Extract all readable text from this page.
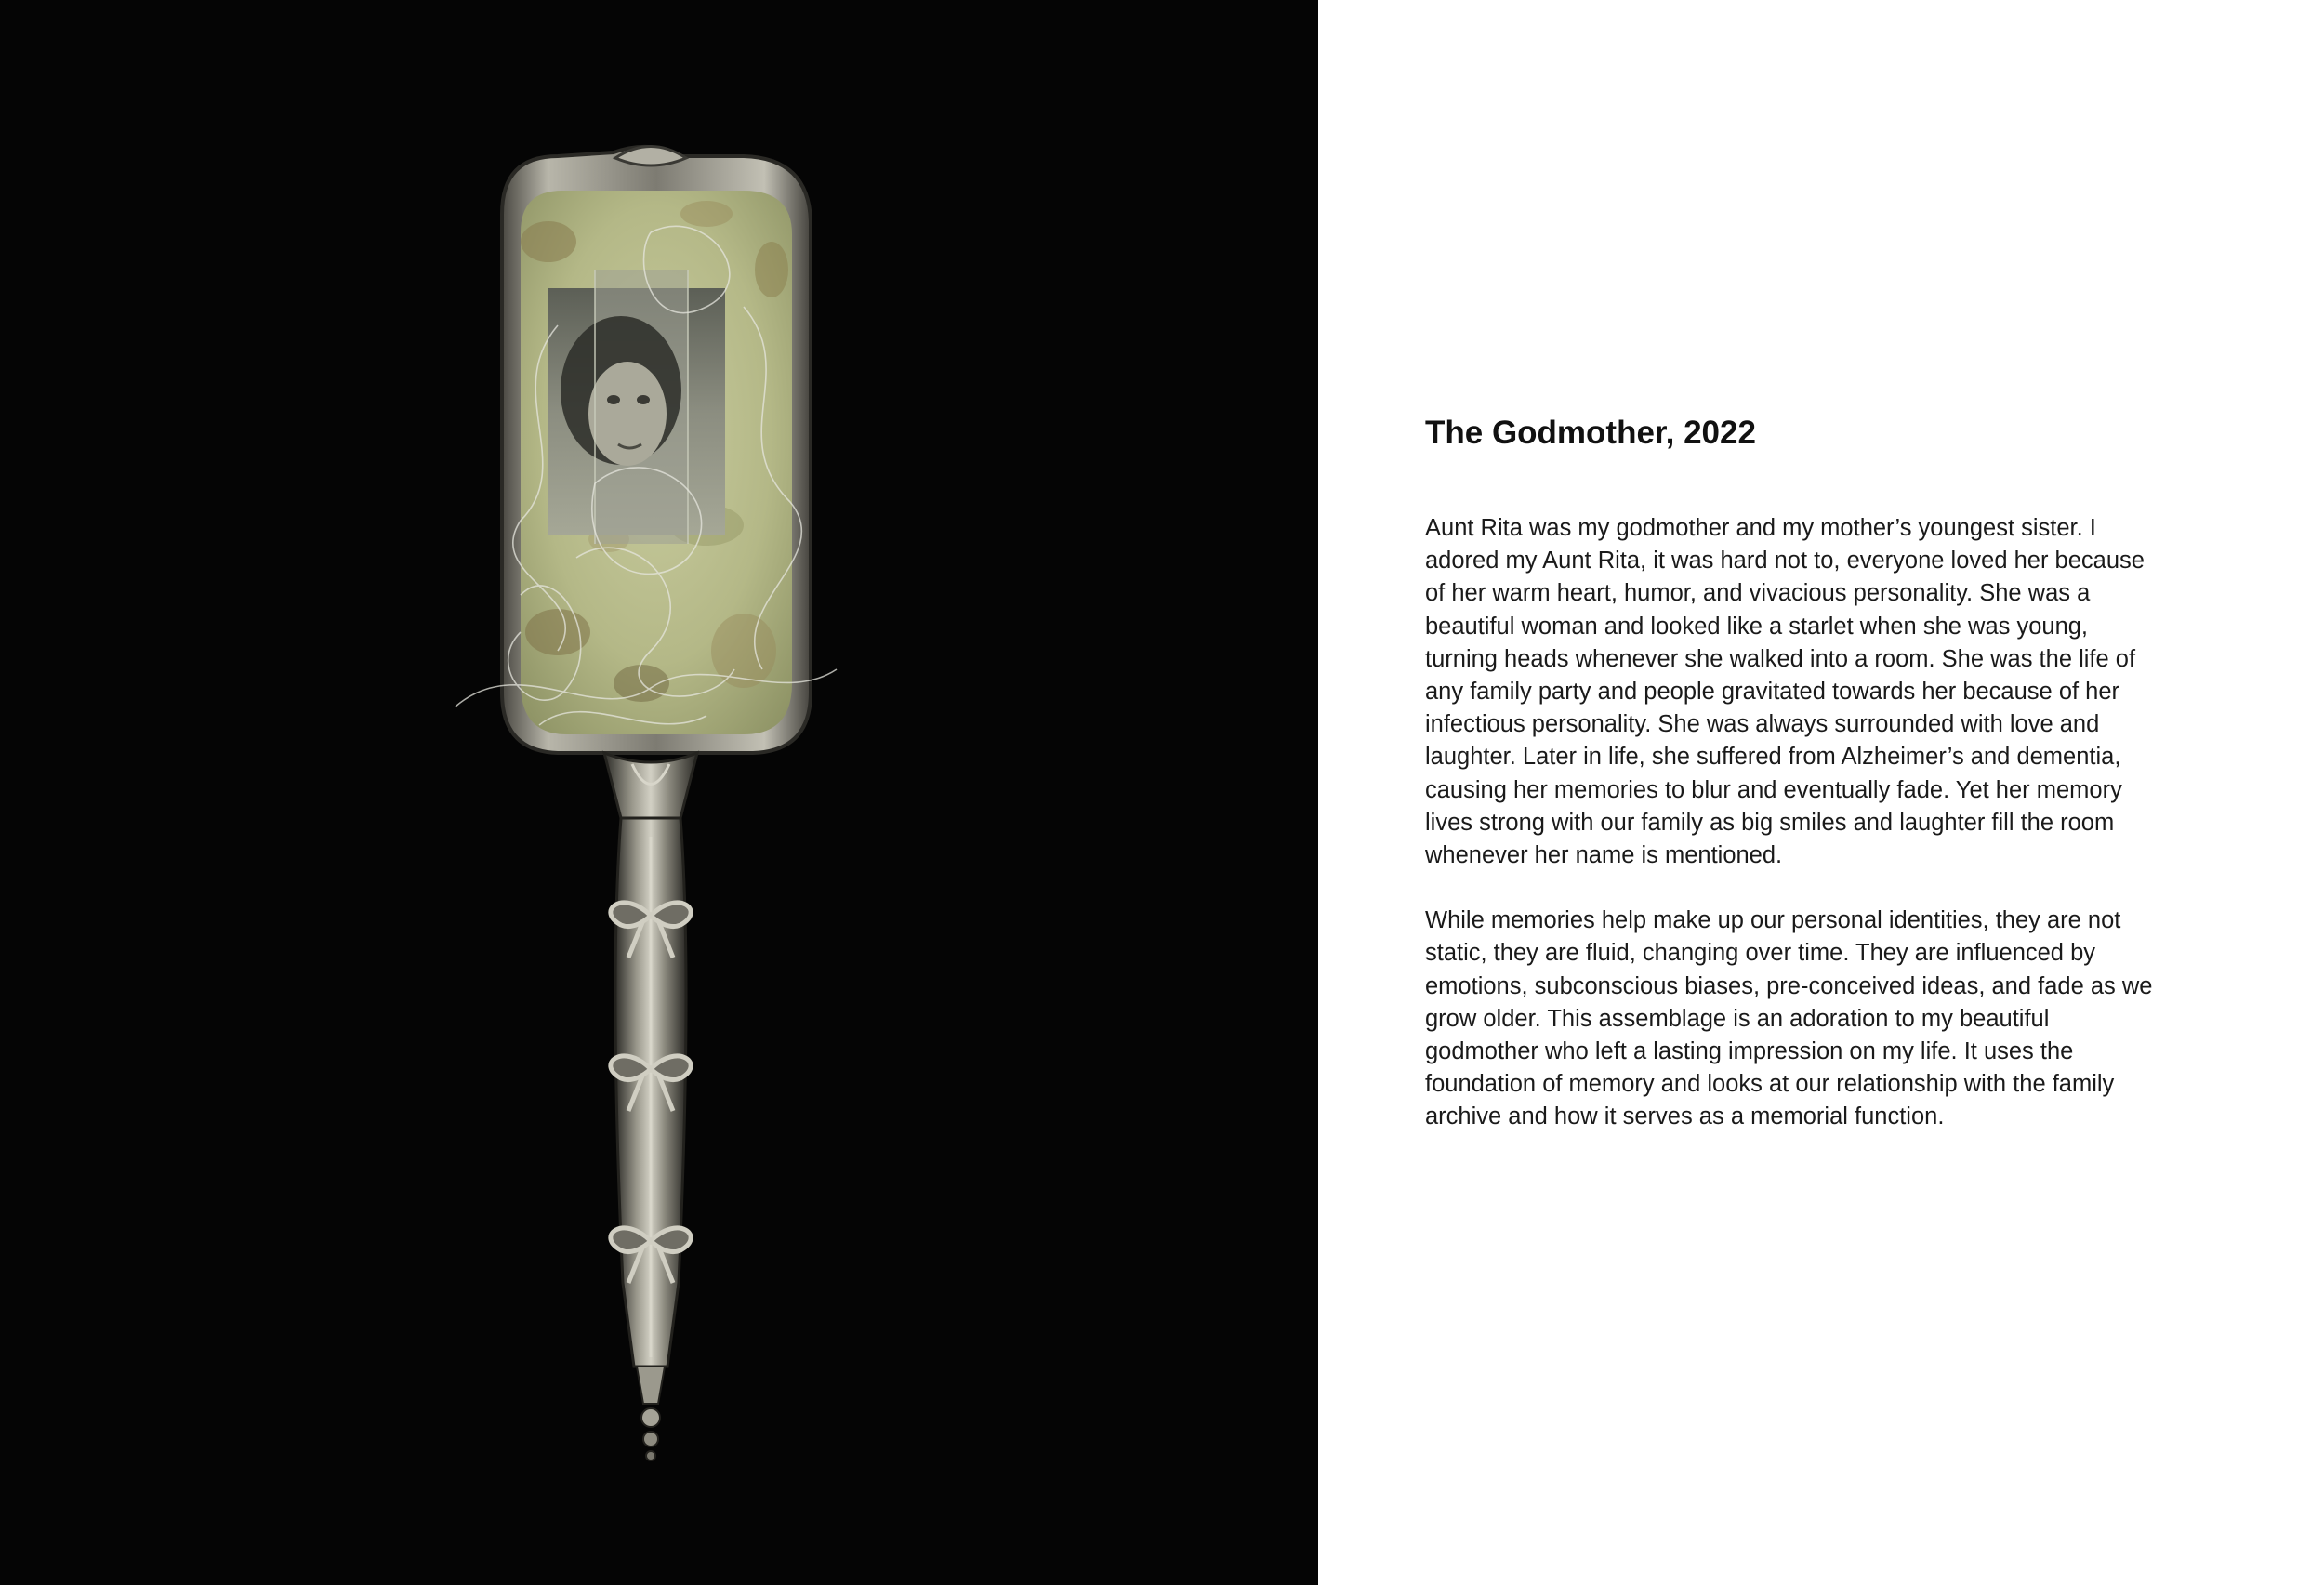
The Godmother, 2022

Aunt Rita was my godmother and my mother’s youngest sister. I
adored my Aunt Rita, it was hard not to, everyone loved her because
of her warm heart, humor, and vivacious personality. She was a
beautiful woman and looked like a starlet when she was young,
turning heads whenever she walked into a room. She was the life of
any family party and people gravitated towards her because of her
infectious personality. She was always surrounded with love and
laughter. Later in life, she suffered from Alzheimer’s and dementia,
causing her memories to blur and eventually fade. Yet her memory
lives strong with our family as big smiles and laughter fill the room
whenever her name is mentioned.

While memories help make up our personal identities, they are not
static, they are fluid, changing over time. They are influenced by
emotions, subconscious biases, pre-conceived ideas, and fade as we
grow older. This assemblage is an adoration to my beautiful
godmother who left a lasting impression on my life. It uses the
foundation of memory and looks at our relationship with the family
archive and how it serves as a memorial function.
